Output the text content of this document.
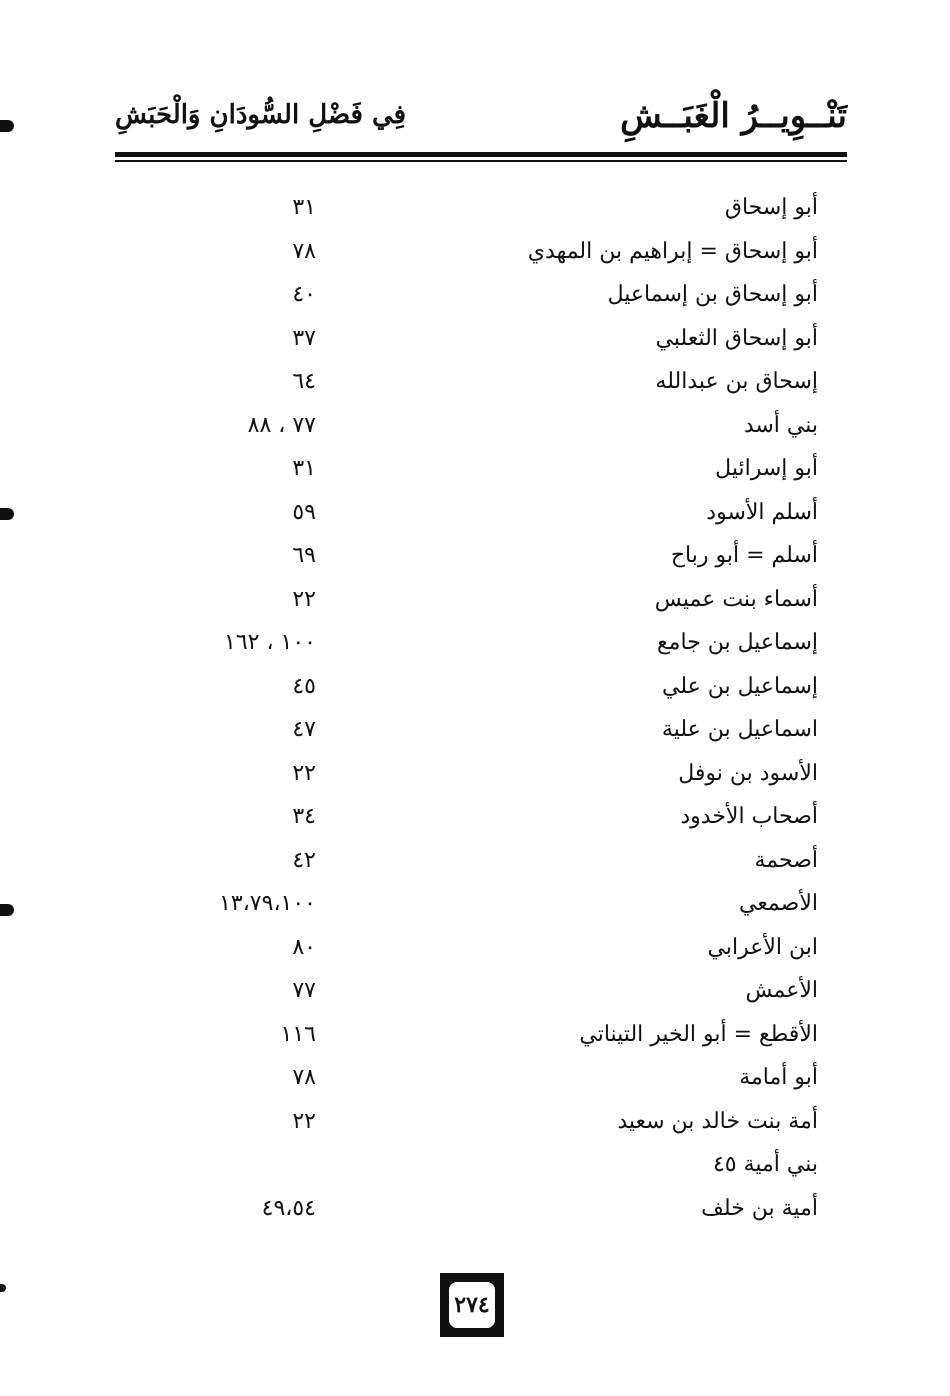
تَنْــوِيــرُ الْغَبَــشِ
فِي فَضْلِ السُّودَانِ وَالْحَبَشِ
أبو إسحاق
٣١
أبو إسحاق = إبراهيم بن المهدي
٧٨
أبو إسحاق بن إسماعيل
٤٠
أبو إسحاق الثعلبي
٣٧
إسحاق بن عبدالله
٦٤
بني أسد
٧٧ ، ٨٨
أبو إسرائيل
٣١
أسلم الأسود
٥٩
أسلم = أبو رباح
٦٩
أسماء بنت عميس
٢٢
إسماعيل بن جامع
١٠٠ ، ١٦٢
إسماعيل بن علي
٤٥
اسماعيل بن علية
٤٧
الأسود بن نوفل
٢٢
أصحاب الأخدود
٣٤
أصحمة
٤٢
الأصمعي
١٣،٧٩،١٠٠
ابن الأعرابي
٨٠
الأعمش
٧٧
الأقطع = أبو الخير التيناتي
١١٦
أبو أمامة
٧٨
أمة بنت خالد بن سعيد
٢٢
بني أمية ٤٥
أمية بن خلف
٤٩،٥٤
٢٧٤
